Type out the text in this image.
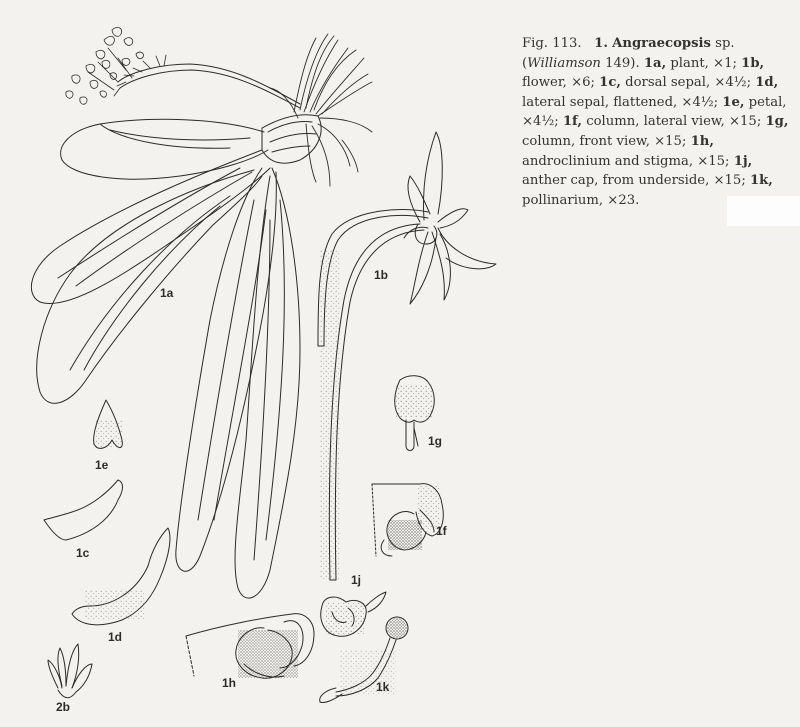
1a
1b
1e
1g
1f
1c
1j
1d
2b
1h	1k
Fig. 113. 1. Angraecopsis sp. (Williamson 149). 1a, plant, ×1; 1b, flower, ×6; 1c, dorsal sepal, ×4½; 1d, lateral sepal, flattened, ×4½; 1e, petal, ×4½; 1f, column, lateral view, ×15; 1g, column, front view, ×15; 1h, androclinium and stigma, ×15; 1j, anther cap, from underside, ×15; 1k, pollinarium, ×23.
